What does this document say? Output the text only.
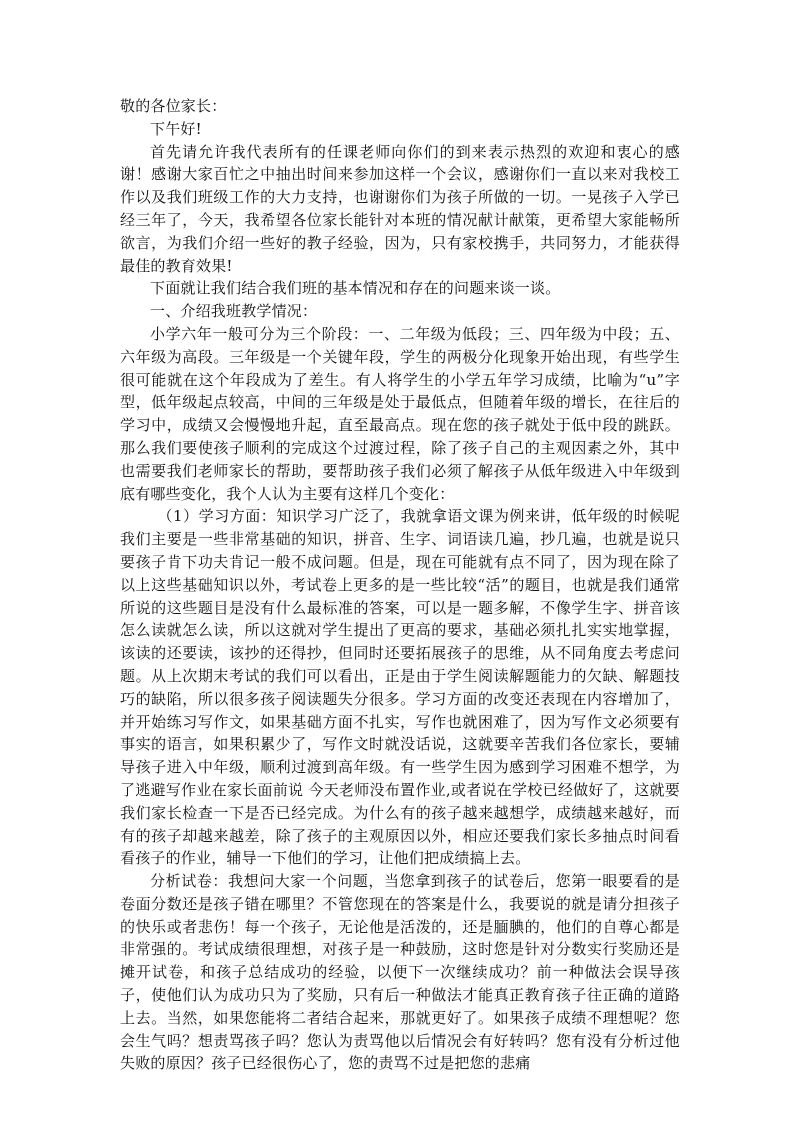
敬的各位家长：

下午好!

首先请允许我代表所有的任课老师向你们的到来表示热烈的欢迎和衷心的感谢！感谢大家百忙之中抽出时间来参加这样一个会议，感谢你们一直以来对我校工作以及我们班级工作的大力支持，也谢谢你们为孩子所做的一切。一晃孩子入学已经三年了，今天，我希望各位家长能针对本班的情况献计献策，更希望大家能畅所欲言，为我们介绍一些好的教子经验，因为，只有家校携手，共同努力，才能获得最佳的教育效果!

下面就让我们结合我们班的基本情况和存在的问题来谈一谈。

一、介绍我班教学情况：

小学六年一般可分为三个阶段：一、二年级为低段；三、四年级为中段；五、六年级为高段。三年级是一个关键年段，学生的两极分化现象开始出现，有些学生很可能就在这个年段成为了差生。有人将学生的小学五年学习成绩，比喻为“u”字型，低年级起点较高，中间的三年级是处于最低点，但随着年级的增长，在往后的学习中，成绩又会慢慢地升起，直至最高点。现在您的孩子就处于低中段的跳跃。那么我们要使孩子顺利的完成这个过渡过程，除了孩子自己的主观因素之外，其中也需要我们老师家长的帮助，要帮助孩子我们必须了解孩子从低年级进入中年级到底有哪些变化，我个人认为主要有这样几个变化：

（1）学习方面：知识学习广泛了，我就拿语文课为例来讲，低年级的时候呢我们主要是一些非常基础的知识，拼音、生字、词语读几遍，抄几遍，也就是说只要孩子肯下功夫肯记一般不成问题。但是，现在可能就有点不同了，因为现在除了以上这些基础知识以外，考试卷上更多的是一些比较“活”的题目，也就是我们通常所说的这些题目是没有什么最标准的答案，可以是一题多解，不像学生字、拼音该怎么读就怎么读，所以这就对学生提出了更高的要求，基础必须扎扎实实地掌握，该读的还要读，该抄的还得抄，但同时还要拓展孩子的思维，从不同角度去考虑问题。从上次期末考试的我们可以看出，正是由于学生阅读解题能力的欠缺、解题技巧的缺陷，所以很多孩子阅读题失分很多。学习方面的改变还表现在内容增加了，并开始练习写作文，如果基础方面不扎实，写作也就困难了，因为写作文必须要有事实的语言，如果积累少了，写作文时就没话说，这就要辛苦我们各位家长，要辅导孩子进入中年级，顺利过渡到高年级。有一些学生因为感到学习困难不想学，为了逃避写作业在家长面前说 今天老师没布置作业,或者说在学校已经做好了，这就要我们家长检查一下是否已经完成。为什么有的孩子越来越想学，成绩越来越好，而有的孩子却越来越差，除了孩子的主观原因以外，相应还要我们家长多抽点时间看看孩子的作业，辅导一下他们的学习，让他们把成绩搞上去。

分析试卷：我想问大家一个问题，当您拿到孩子的试卷后，您第一眼要看的是卷面分数还是孩子错在哪里？不管您现在的答案是什么，我要说的就是请分担孩子的快乐或者悲伤！每一个孩子，无论他是活泼的，还是腼腆的，他们的自尊心都是非常强的。考试成绩很理想，对孩子是一种鼓励，这时您是针对分数实行奖励还是摊开试卷，和孩子总结成功的经验，以便下一次继续成功？前一种做法会误导孩子，使他们认为成功只为了奖励，只有后一种做法才能真正教育孩子往正确的道路上去。当然，如果您能将二者结合起来，那就更好了。如果孩子成绩不理想呢？您会生气吗？想责骂孩子吗？您认为责骂他以后情况会有好转吗？您有没有分析过他失败的原因？孩子已经很伤心了，您的责骂不过是把您的悲痛
